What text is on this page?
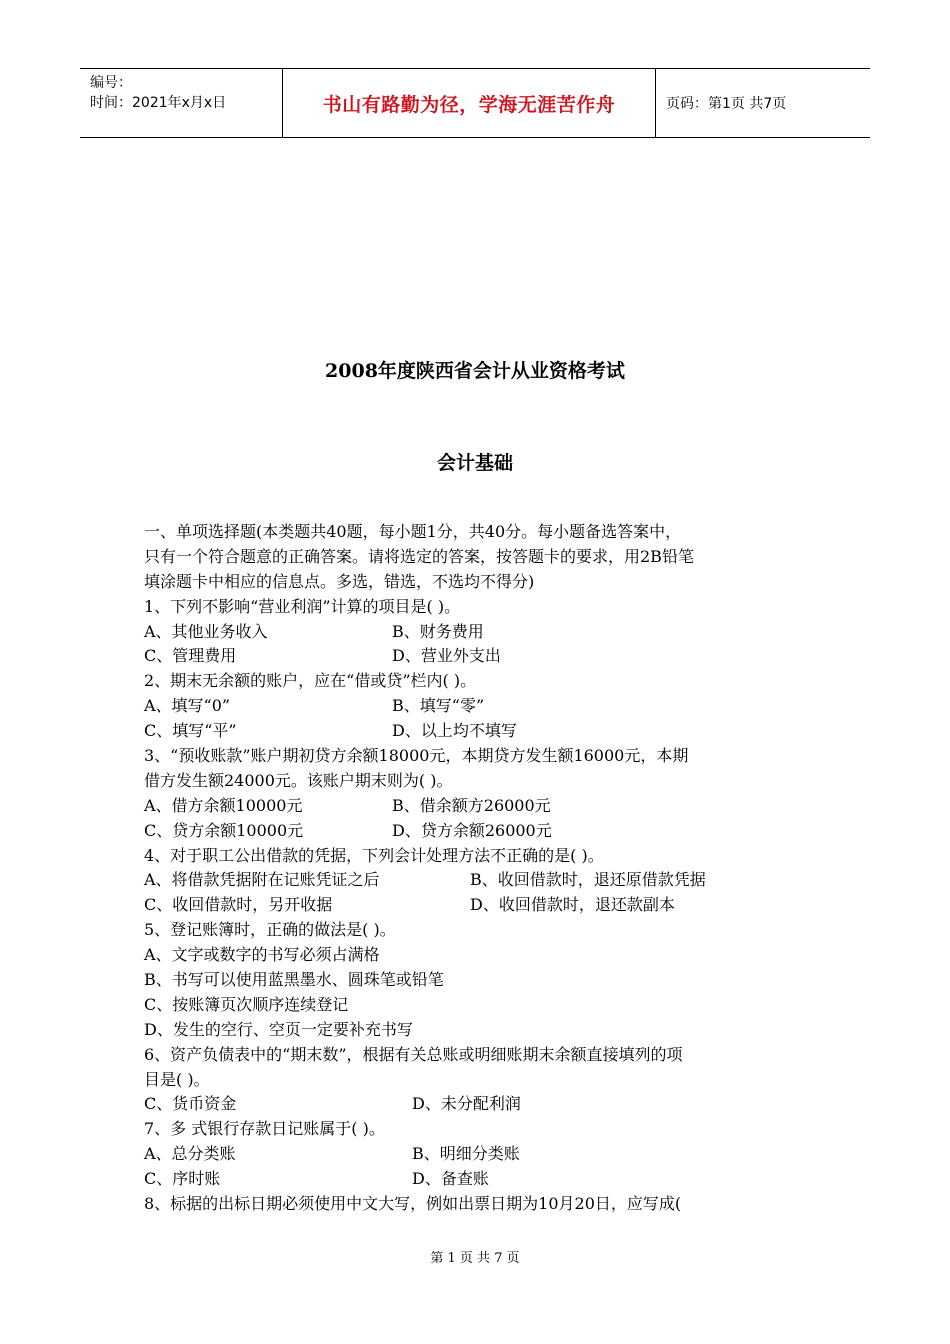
编号：
时间：2021年x月x日	书山有路勤为径，学海无涯苦作舟	页码：第1页 共7页
2008年度陕西省会计从业资格考试
会计基础
一、单项选择题(本类题共40题，每小题1分，共40分。每小题备选答案中，
只有一个符合题意的正确答案。请将选定的答案，按答题卡的要求，用2B铅笔
填涂题卡中相应的信息点。多选，错选，不选均不得分)
1、下列不影响“营业利润”计算的项目是( )。
A、其他业务收入	B、财务费用
C、管理费用	D、营业外支出
2、期末无余额的账户，应在“借或贷”栏内( )。
A、填写“0”	B、填写“零”
C、填写“平”	D、以上均不填写
3、“预收账款”账户期初贷方余额18000元，本期贷方发生额16000元，本期
借方发生额24000元。该账户期末则为( )。
A、借方余额10000元	B、借余额方26000元
C、贷方余额10000元	D、贷方余额26000元
4、对于职工公出借款的凭据，下列会计处理方法不正确的是( )。
A、将借款凭据附在记账凭证之后	B、收回借款时，退还原借款凭据
C、收回借款时，另开收据	D、收回借款时，退还款副本
5、登记账簿时，正确的做法是( )。
A、文字或数字的书写必须占满格
B、书写可以使用蓝黑墨水、圆珠笔或铅笔
C、按账簿页次顺序连续登记
D、发生的空行、空页一定要补充书写
6、资产负债表中的“期末数”，根据有关总账或明细账期末余额直接填列的项
目是( )。
C、货币资金	D、未分配利润
7、多 式银行存款日记账属于( )。
A、总分类账	B、明细分类账
C、序时账	D、备查账
8、标据的出标日期必须使用中文大写，例如出票日期为10月20日，应写成(
第 1 页 共 7 页
